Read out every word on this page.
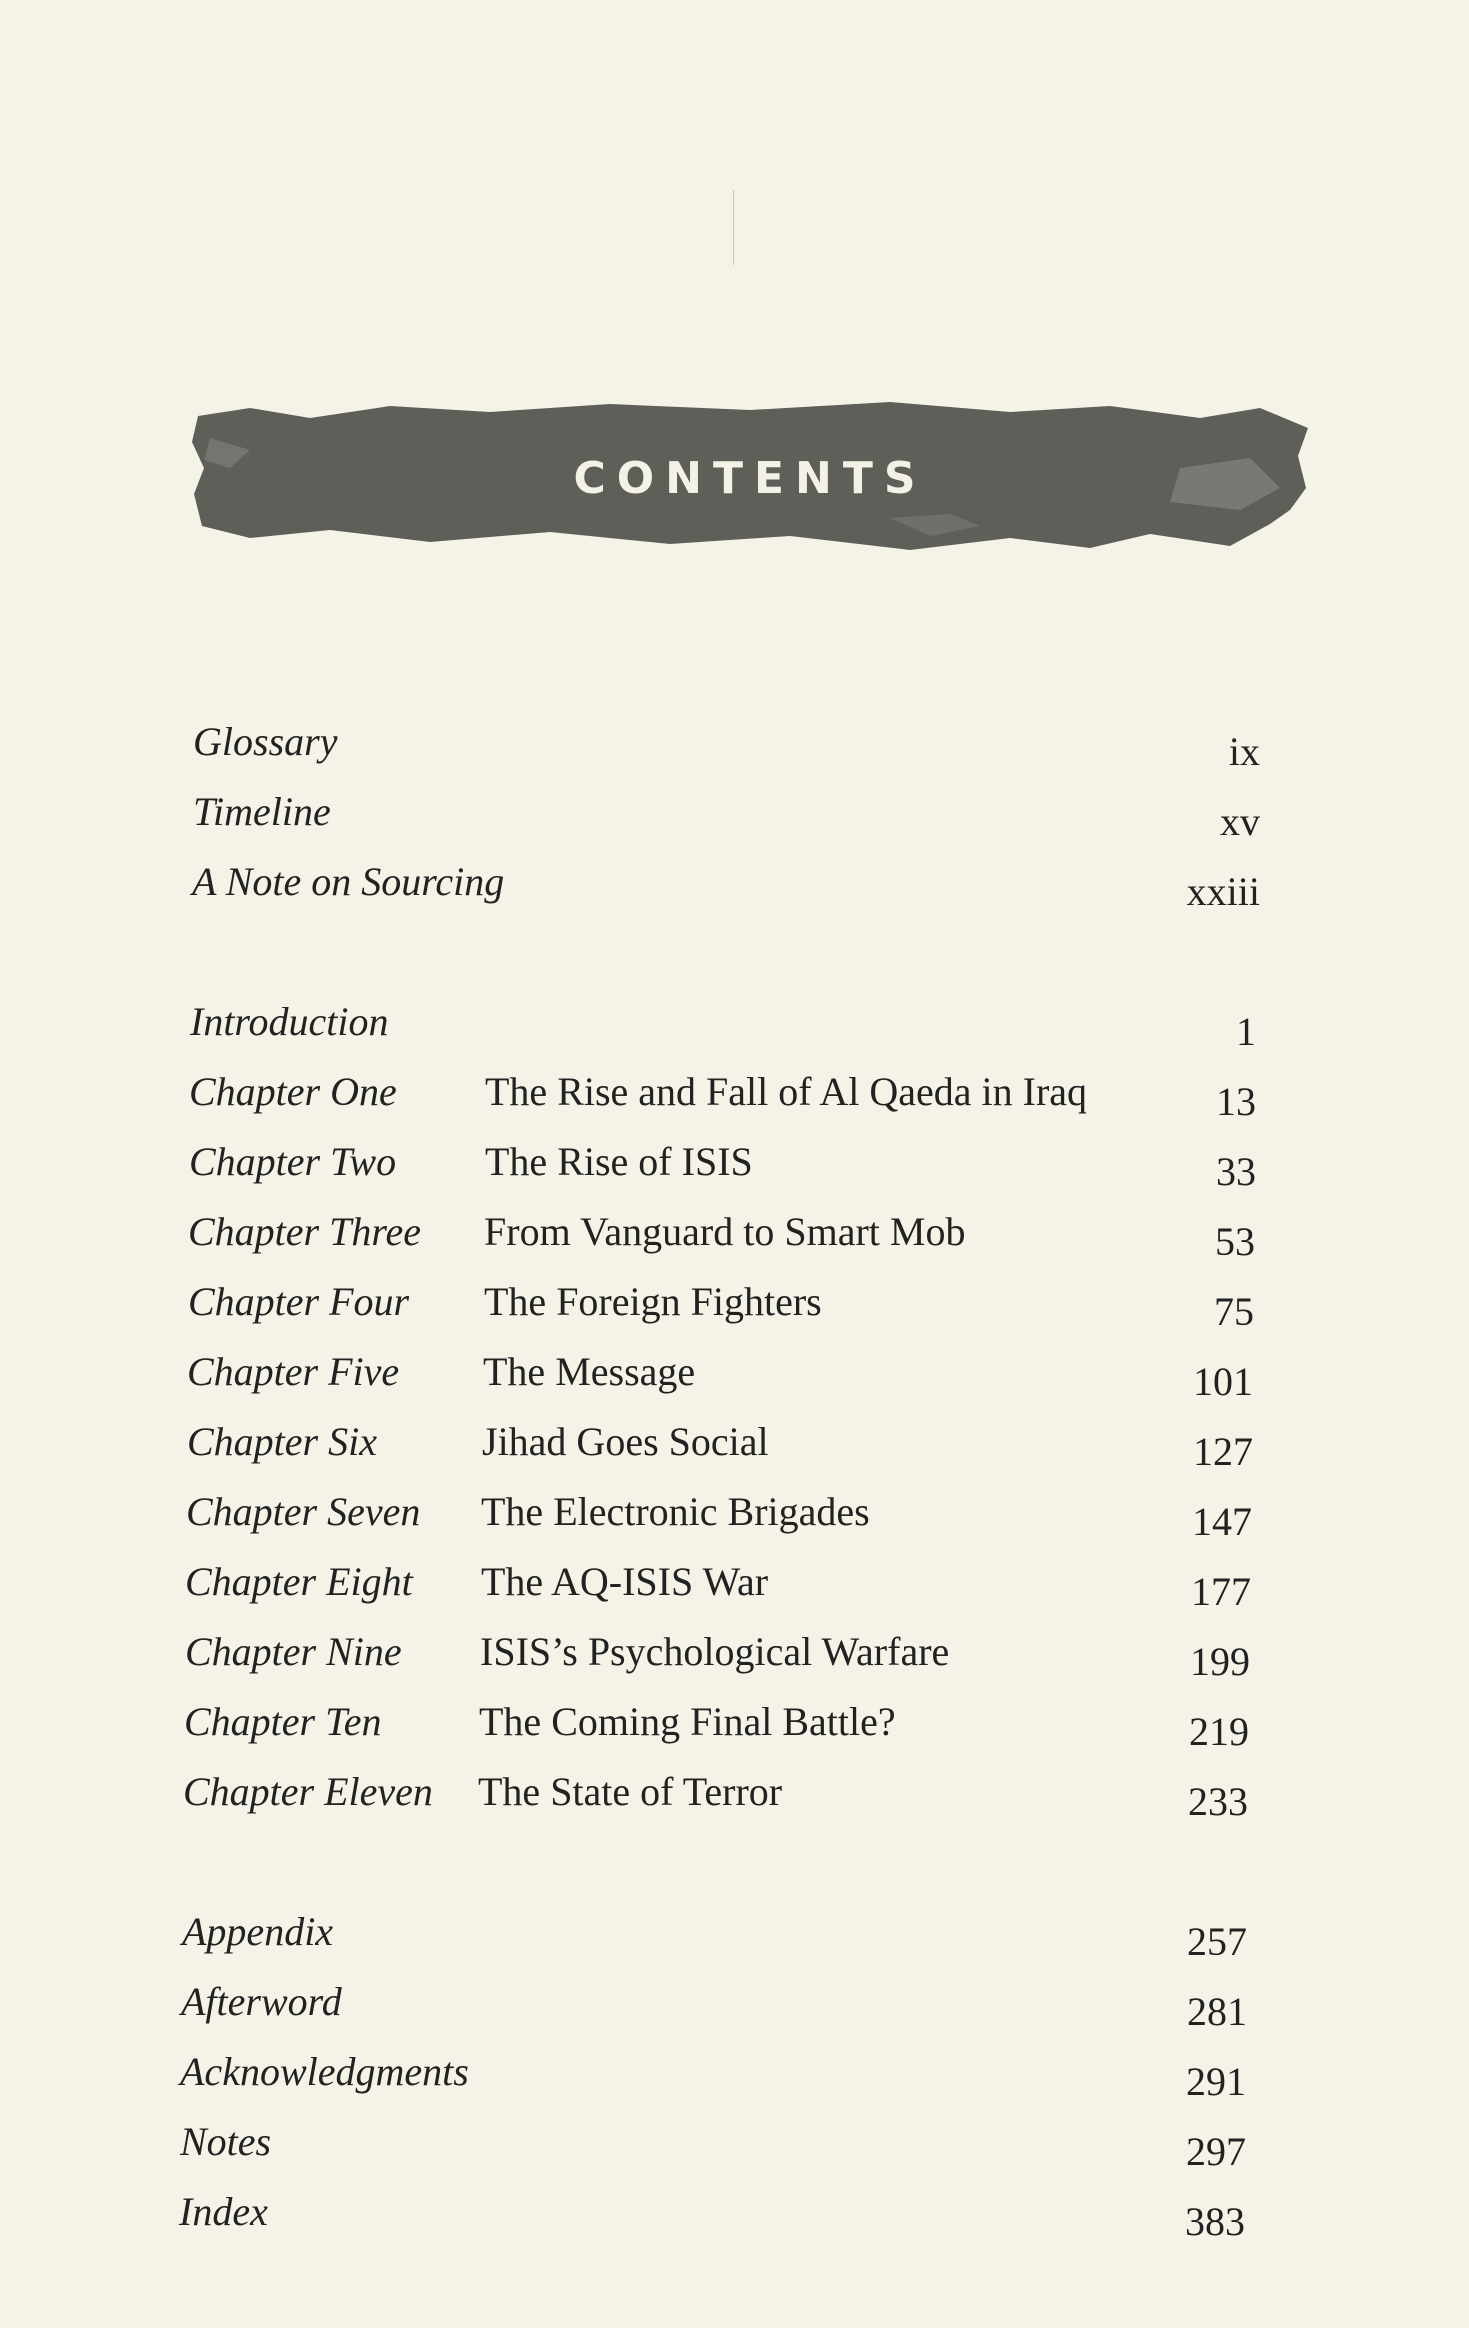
CONTENTS
Glossary	ix
Timeline	xv
A Note on Sourcing	xxiii
Introduction	1
Chapter One The Rise and Fall of Al Qaeda in Iraq	13
Chapter Two The Rise of ISIS	33
Chapter Three From Vanguard to Smart Mob	53
Chapter Four The Foreign Fighters	75
Chapter Five The Message	101
Chapter Six	Jihad Goes Social	127
Chapter Seven The Electronic Brigades	147
Chapter Eight The AQ-ISIS War	177
Chapter Nine ISIS’s Psychological Warfare	199
Chapter Ten The Coming Final Battle?	219
Chapter Eleven The State of Terror	233
Appendix	257
Afterword	281
Acknowledgments	291
Notes	297
Index	383
